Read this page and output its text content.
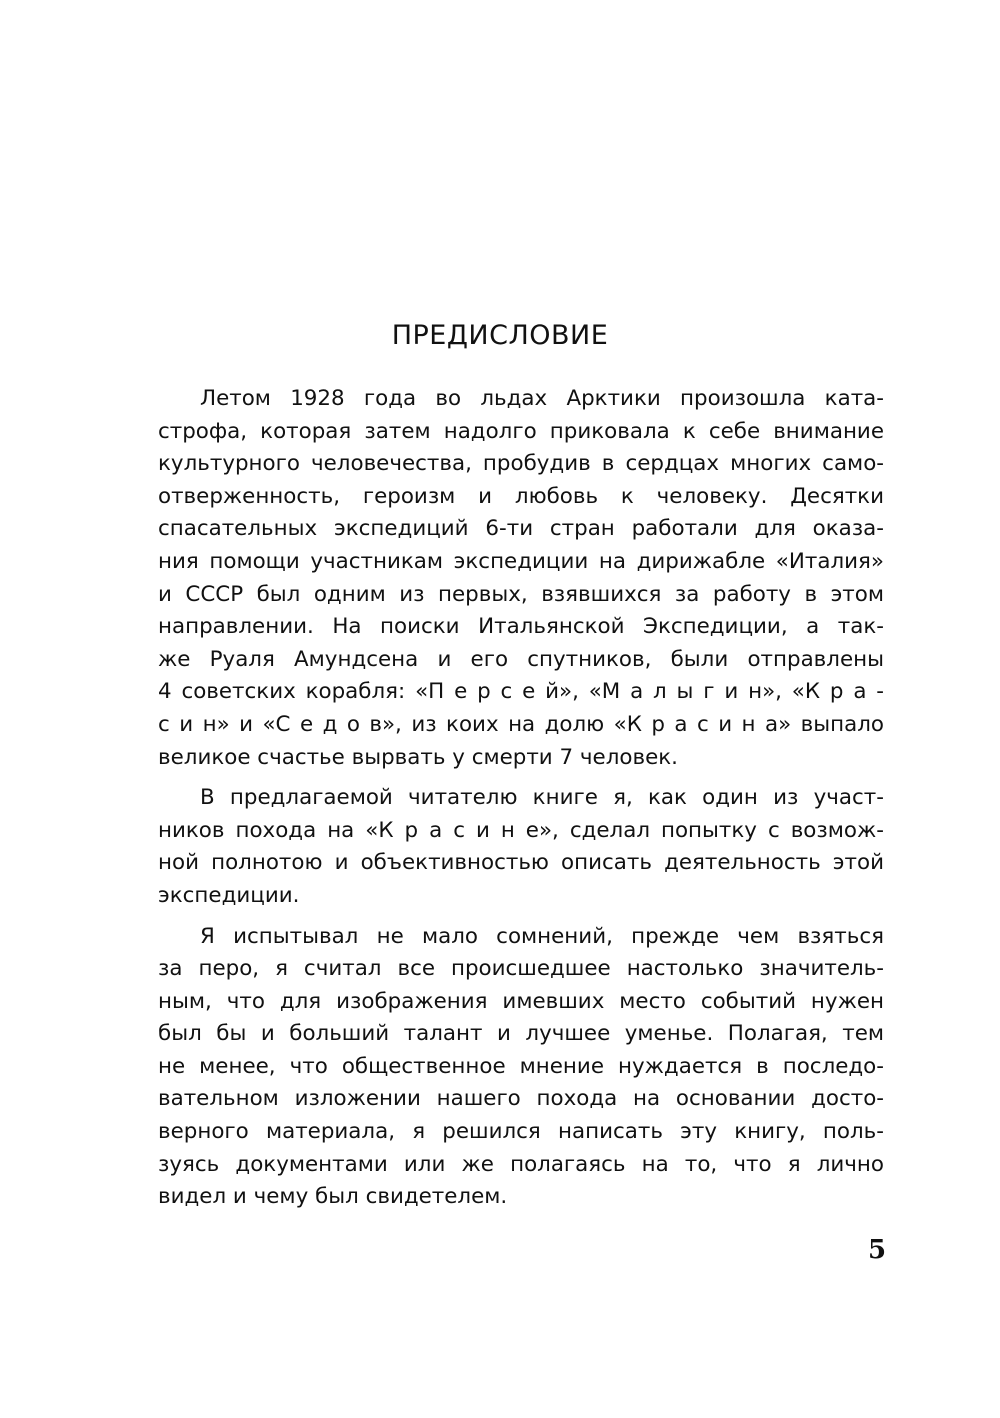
ПРЕДИСЛОВИЕ

Летом 1928 года во льдах Арктики произошла ката-
строфа, которая затем надолго приковала к себе внимание
культурного человечества, пробудив в сердцах многих само-
отверженность, героизм и любовь к человеку. Десятки
спасательных экспедиций 6-ти стран работали для оказа-
ния помощи участникам экспедиции на дирижабле «Италия»
и СССР был одним из первых, взявшихся за работу в этом
направлении. На поиски Итальянской Экспедиции, а так-
же Руаля Амундсена и его спутников, были отправлены
4 советских корабля: «П е р с е й», «М а л ы г и н», «К р а -
с и н» и «С е д о в», из коих на долю «К р а с и н а» выпало
великое счастье вырвать у смерти 7 человек.

В предлагаемой читателю книге я, как один из участ-
ников похода на «К р а с и н е», сделал попытку с возмож-
ной полнотою и объективностью описать деятельность этой
экспедиции.

Я испытывал не мало сомнений, прежде чем взяться
за перо, я считал все происшедшее настолько значитель-
ным, что для изображения имевших место событий нужен
был бы и больший талант и лучшее уменье. Полагая, тем
не менее, что общественное мнение нуждается в последо-
вательном изложении нашего похода на основании досто-
верного материала, я решился написать эту книгу, поль-
зуясь документами или же полагаясь на то, что я лично
видел и чему был свидетелем.

5
